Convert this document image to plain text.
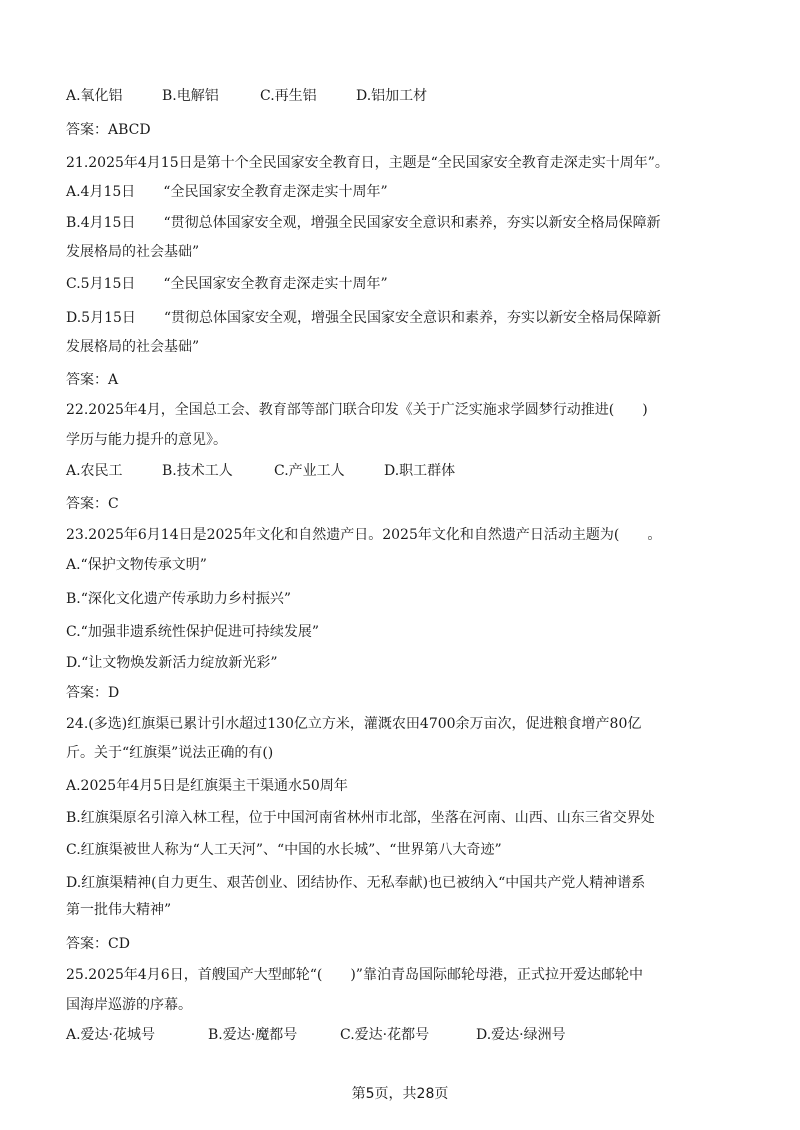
A.氧化铝	B.电解铝	C.再生铝	D.铝加工材
答案：ABCD
21.2025年4月15日是第十个全民国家安全教育日，主题是“全民国家安全教育走深走实十周年”。
A.4月15日　　“全民国家安全教育走深走实十周年”
B.4月15日　　“贯彻总体国家安全观，增强全民国家安全意识和素养，夯实以新安全格局保障新
发展格局的社会基础”
C.5月15日　　“全民国家安全教育走深走实十周年”
D.5月15日　　“贯彻总体国家安全观，增强全民国家安全意识和素养，夯实以新安全格局保障新
发展格局的社会基础”
答案：A
22.2025年4月，全国总工会、教育部等部门联合印发《关于广泛实施求学圆梦行动推进(　　)
学历与能力提升的意见》。
A.农民工	B.技术工人	C.产业工人	D.职工群体
答案：C
23.2025年6月14日是2025年文化和自然遗产日。2025年文化和自然遗产日活动主题为(　　。
A.“保护文物传承文明”
B.“深化文化遗产传承助力乡村振兴”
C.“加强非遗系统性保护促进可持续发展”
D.“让文物焕发新活力绽放新光彩”
答案：D
24.(多选)红旗渠已累计引水超过130亿立方米，灌溉农田4700余万亩次，促进粮食增产80亿
斤。关于“红旗渠”说法正确的有()
A.2025年4月5日是红旗渠主干渠通水50周年
B.红旗渠原名引漳入林工程，位于中国河南省林州市北部，坐落在河南、山西、山东三省交界处
C.红旗渠被世人称为“人工天河”、“中国的水长城”、“世界第八大奇迹”
D.红旗渠精神(自力更生、艰苦创业、团结协作、无私奉献)也已被纳入“中国共产党人精神谱系
第一批伟大精神”
答案：CD
25.2025年4月6日，首艘国产大型邮轮“(　　)”靠泊青岛国际邮轮母港，正式拉开爱达邮轮中
国海岸巡游的序幕。
A.爱达·花城号	B.爱达·魔都号	C.爱达·花都号	D.爱达·绿洲号
第5页，共28页
